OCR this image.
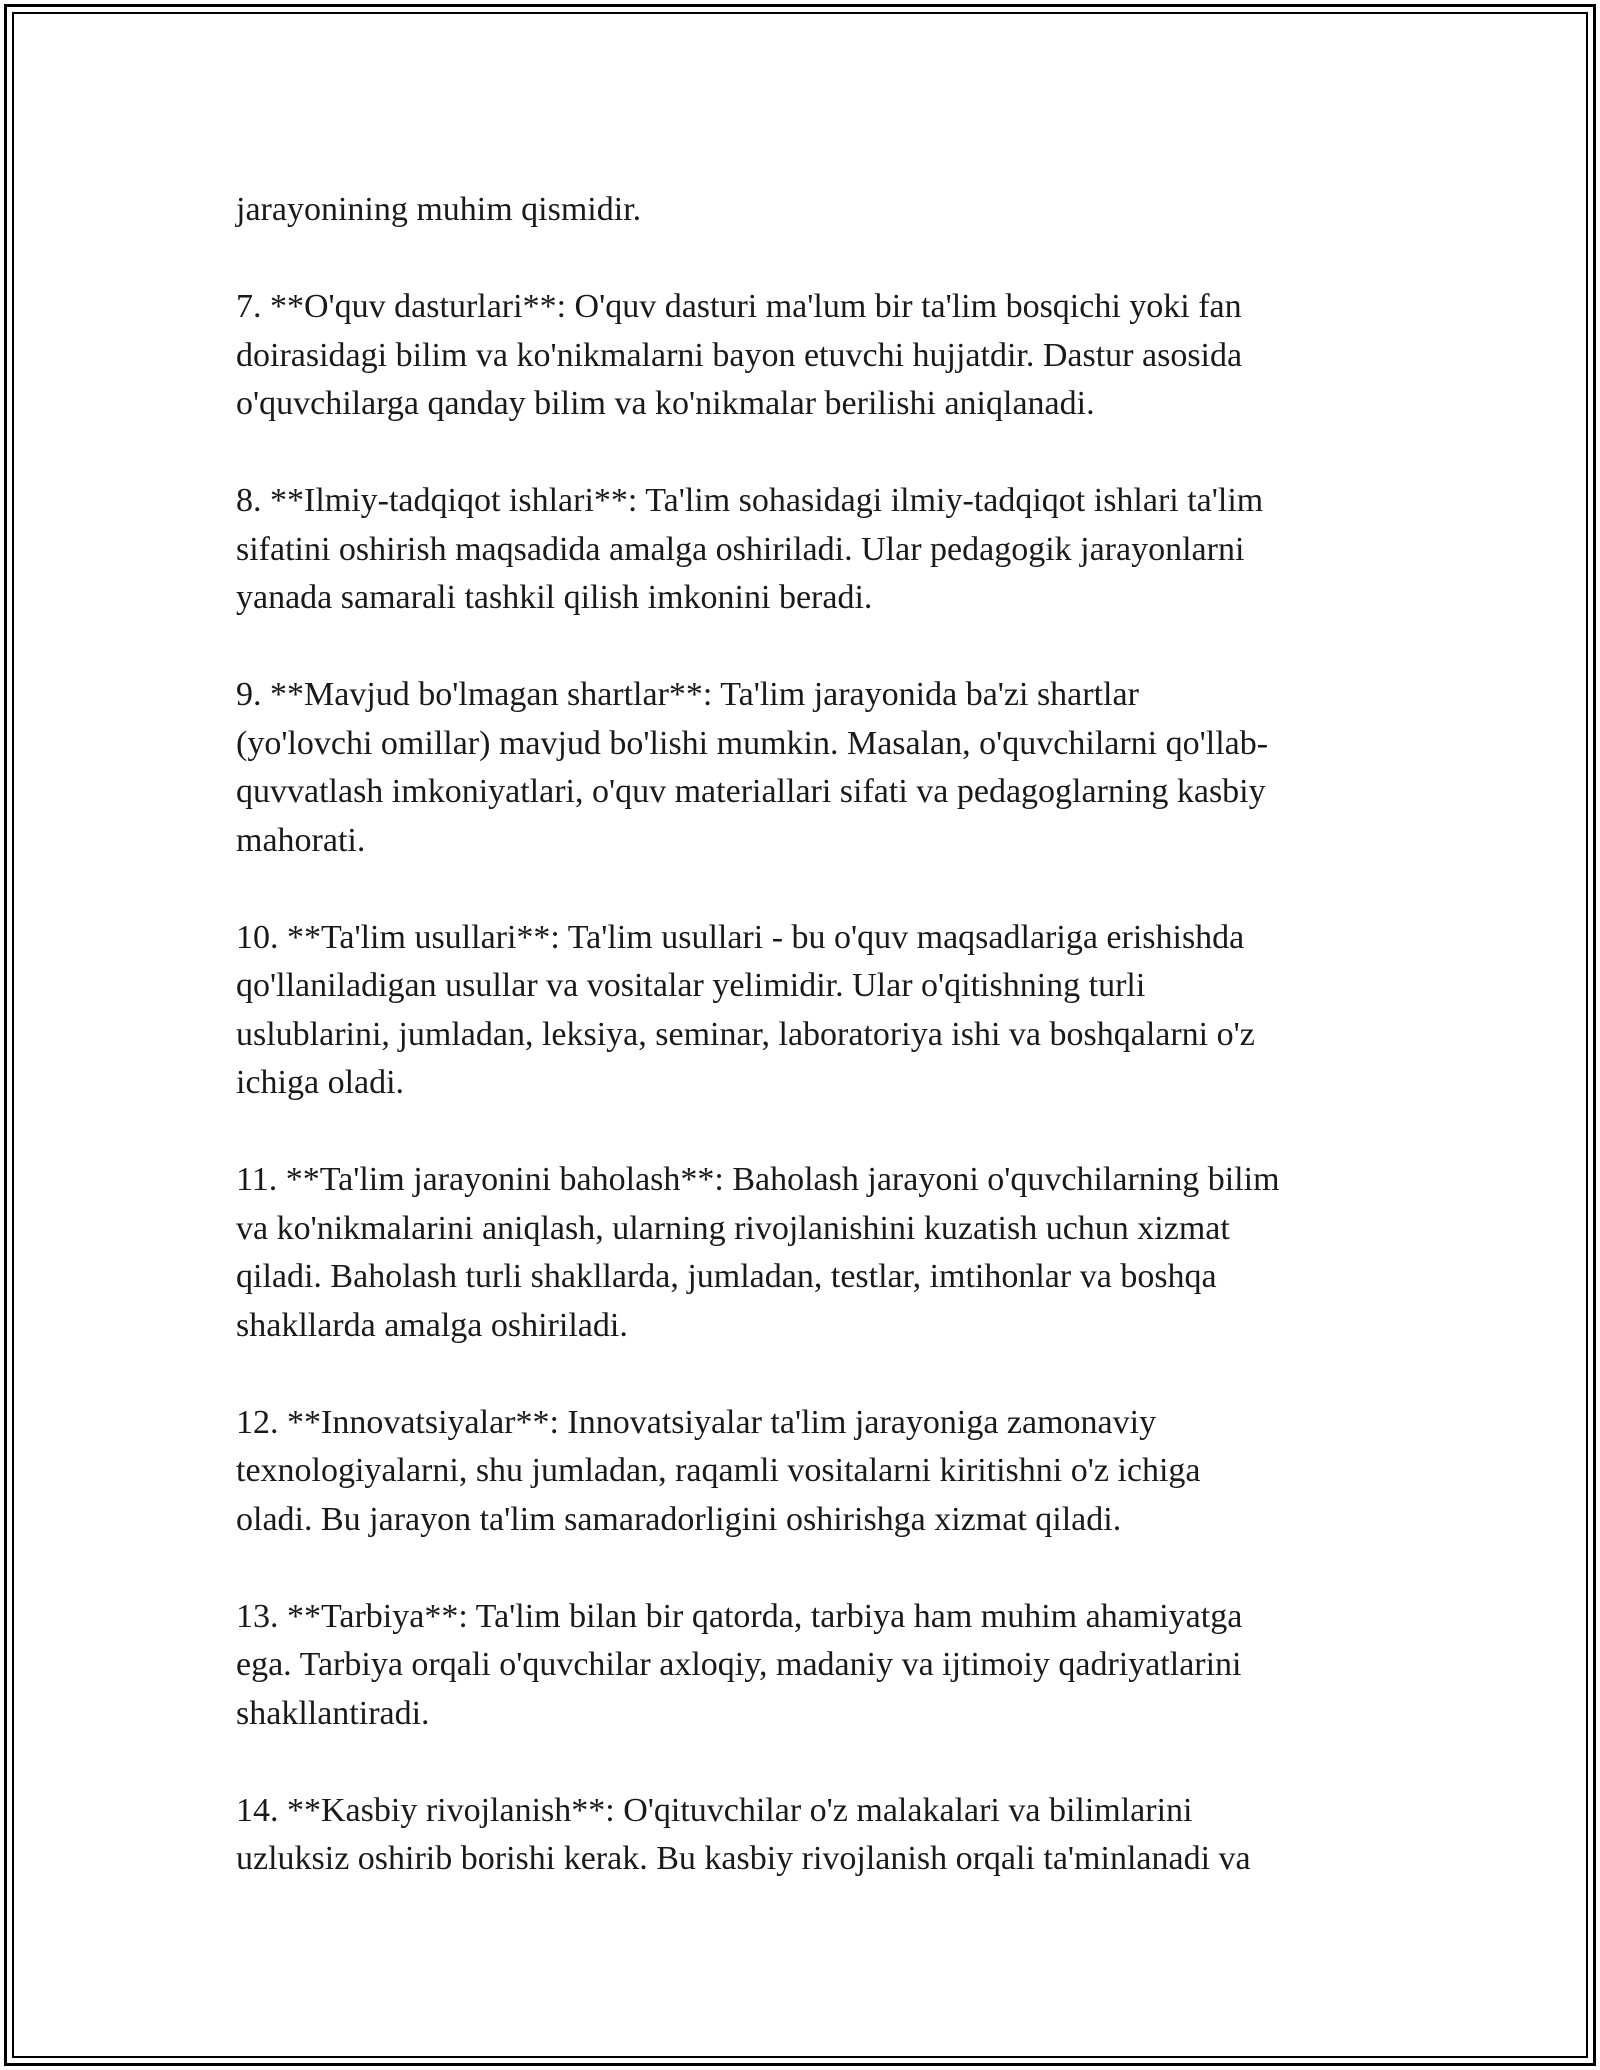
jarayonining muhim qismidir.

7. **O'quv dasturlari**: O'quv dasturi ma'lum bir ta'lim bosqichi yoki fan
doirasidagi bilim va ko'nikmalarni bayon etuvchi hujjatdir. Dastur asosida
o'quvchilarga qanday bilim va ko'nikmalar berilishi aniqlanadi.

8. **Ilmiy-tadqiqot ishlari**: Ta'lim sohasidagi ilmiy-tadqiqot ishlari ta'lim
sifatini oshirish maqsadida amalga oshiriladi. Ular pedagogik jarayonlarni
yanada samarali tashkil qilish imkonini beradi.

9. **Mavjud bo'lmagan shartlar**: Ta'lim jarayonida ba'zi shartlar
(yo'lovchi omillar) mavjud bo'lishi mumkin. Masalan, o'quvchilarni qo'llab-
quvvatlash imkoniyatlari, o'quv materiallari sifati va pedagoglarning kasbiy
mahorati.

10. **Ta'lim usullari**: Ta'lim usullari - bu o'quv maqsadlariga erishishda
qo'llaniladigan usullar va vositalar yelimidir. Ular o'qitishning turli
uslublarini, jumladan, leksiya, seminar, laboratoriya ishi va boshqalarni o'z
ichiga oladi.

11. **Ta'lim jarayonini baholash**: Baholash jarayoni o'quvchilarning bilim
va ko'nikmalarini aniqlash, ularning rivojlanishini kuzatish uchun xizmat
qiladi. Baholash turli shakllarda, jumladan, testlar, imtihonlar va boshqa
shakllarda amalga oshiriladi.

12. **Innovatsiyalar**: Innovatsiyalar ta'lim jarayoniga zamonaviy
texnologiyalarni, shu jumladan, raqamli vositalarni kiritishni o'z ichiga
oladi. Bu jarayon ta'lim samaradorligini oshirishga xizmat qiladi.

13. **Tarbiya**: Ta'lim bilan bir qatorda, tarbiya ham muhim ahamiyatga
ega. Tarbiya orqali o'quvchilar axloqiy, madaniy va ijtimoiy qadriyatlarini
shakllantiradi.

14. **Kasbiy rivojlanish**: O'qituvchilar o'z malakalari va bilimlarini
uzluksiz oshirib borishi kerak. Bu kasbiy rivojlanish orqali ta'minlanadi va
